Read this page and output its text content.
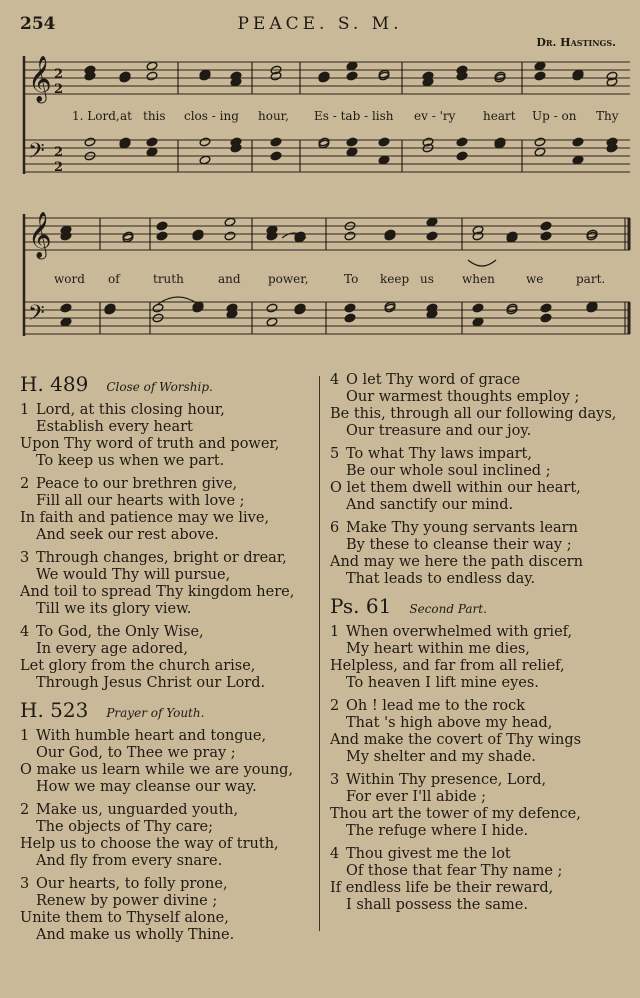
254	PEACE. S. M.
Dr. Hastings.
𝄞
𝄢
2
2
2
2
𝄞
𝄢
1. Lord, at this clos - ing hour, Es - tab - lish ev - 'ry heart Up - on Thy
word of	truth	and power,	To keep us when	we	part.
H. 489 Close of Worship.
1 Lord, at this closing hour,
Establish every heart
Upon Thy word of truth and power,
To keep us when we part.
2 Peace to our brethren give,
Fill all our hearts with love ;
In faith and patience may we live,
And seek our rest above.
3 Through changes, bright or drear,
We would Thy will pursue,
And toil to spread Thy kingdom here,
Till we its glory view.
4 To God, the Only Wise,
In every age adored,
Let glory from the church arise,
Through Jesus Christ our Lord.
H. 523 Prayer of Youth.
1 With humble heart and tongue,
Our God, to Thee we pray ;
O make us learn while we are young,
How we may cleanse our way.
2 Make us, unguarded youth,
The objects of Thy care;
Help us to choose the way of truth,
And fly from every snare.
3 Our hearts, to folly prone,
Renew by power divine ;
Unite them to Thyself alone,
And make us wholly Thine.
4 O let Thy word of grace
Our warmest thoughts employ ;
Be this, through all our following days,
Our treasure and our joy.
5 To what Thy laws impart,
Be our whole soul inclined ;
O let them dwell within our heart,
And sanctify our mind.
6 Make Thy young servants learn
By these to cleanse their way ;
And may we here the path discern
That leads to endless day.
Ps. 61 Second Part.
1 When overwhelmed with grief,
My heart within me dies,
Helpless, and far from all relief,
To heaven I lift mine eyes.
2 Oh ! lead me to the rock
That 's high above my head,
And make the covert of Thy wings
My shelter and my shade.
3 Within Thy presence, Lord,
For ever I'll abide ;
Thou art the tower of my defence,
The refuge where I hide.
4 Thou givest me the lot
Of those that fear Thy name ;
If endless life be their reward,
I shall possess the same.
